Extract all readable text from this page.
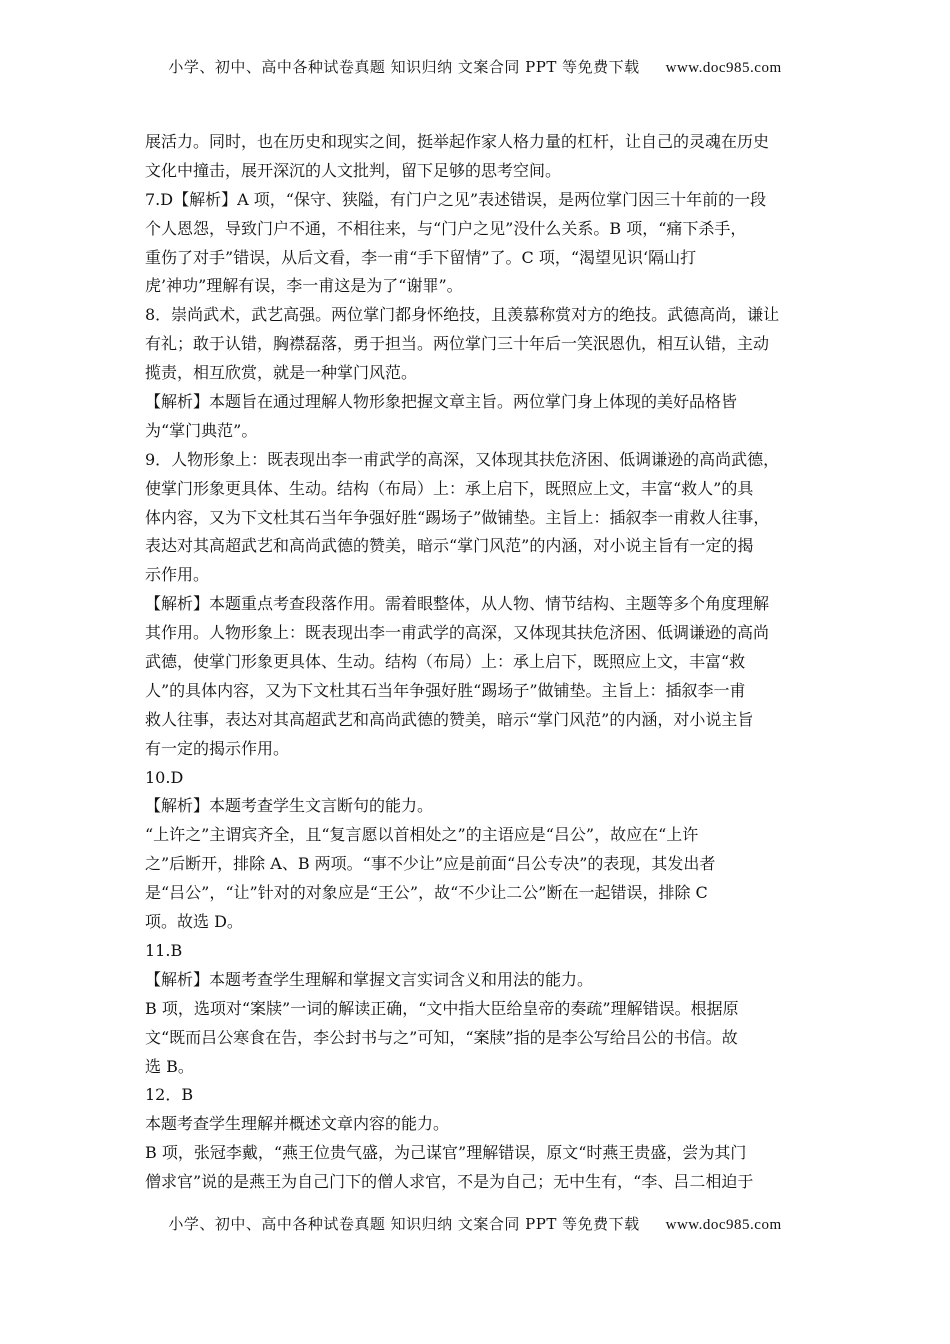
小学、初中、高中各种试卷真题 知识归纳 文案合同 PPT 等免费下载 www.doc985.com
展活力。同时，也在历史和现实之间，挺举起作家人格力量的杠杆，让自己的灵魂在历史
文化中撞击，展开深沉的人文批判，留下足够的思考空间。
7.D【解析】A 项，“保守、狭隘，有门户之见”表述错误，是两位掌门因三十年前的一段
个人恩怨，导致门户不通，不相往来，与“门户之见”没什么关系。B 项，“痛下杀手，
重伤了对手”错误，从后文看，李一甫“手下留情”了。C 项，“渴望见识‘隔山打
虎’神功”理解有误，李一甫这是为了“谢罪”。
8．崇尚武术，武艺高强。两位掌门都身怀绝技，且羡慕称赏对方的绝技。武德高尚，谦让
有礼；敢于认错，胸襟磊落，勇于担当。两位掌门三十年后一笑泯恩仇，相互认错，主动
揽责，相互欣赏，就是一种掌门风范。
【解析】本题旨在通过理解人物形象把握文章主旨。两位掌门身上体现的美好品格皆
为“掌门典范”。
9．人物形象上：既表现出李一甫武学的高深，又体现其扶危济困、低调谦逊的高尚武德，
使掌门形象更具体、生动。结构（布局）上：承上启下，既照应上文，丰富“救人”的具
体内容，又为下文杜其石当年争强好胜“踢场子”做铺垫。主旨上：插叙李一甫救人往事，
表达对其高超武艺和高尚武德的赞美，暗示“掌门风范”的内涵，对小说主旨有一定的揭
示作用。
【解析】本题重点考查段落作用。需着眼整体，从人物、情节结构、主题等多个角度理解
其作用。人物形象上：既表现出李一甫武学的高深，又体现其扶危济困、低调谦逊的高尚
武德，使掌门形象更具体、生动。结构（布局）上：承上启下，既照应上文，丰富“救
人”的具体内容，又为下文杜其石当年争强好胜“踢场子”做铺垫。主旨上：插叙李一甫
救人往事，表达对其高超武艺和高尚武德的赞美，暗示“掌门风范”的内涵，对小说主旨
有一定的揭示作用。
10.D
【解析】本题考查学生文言断句的能力。
“上许之”主谓宾齐全，且“复言愿以首相处之”的主语应是“吕公”，故应在“上许
之”后断开，排除 A、B 两项。“事不少让”应是前面“吕公专决”的表现，其发出者
是“吕公”，“让”针对的对象应是“王公”，故“不少让二公”断在一起错误，排除 C
项。故选 D。
11.B
【解析】本题考查学生理解和掌握文言实词含义和用法的能力。
B 项，选项对“案牍”一词的解读正确，“文中指大臣给皇帝的奏疏”理解错误。根据原
文“既而吕公寒食在告，李公封书与之”可知，“案牍”指的是李公写给吕公的书信。故
选 B。
12．B
本题考查学生理解并概述文章内容的能力。
B 项，张冠李戴，“燕王位贵气盛，为己谋官”理解错误，原文“时燕王贵盛，尝为其门
僧求官”说的是燕王为自己门下的僧人求官，不是为自己；无中生有，“李、吕二相迫于
小学、初中、高中各种试卷真题 知识归纳 文案合同 PPT 等免费下载 www.doc985.com
